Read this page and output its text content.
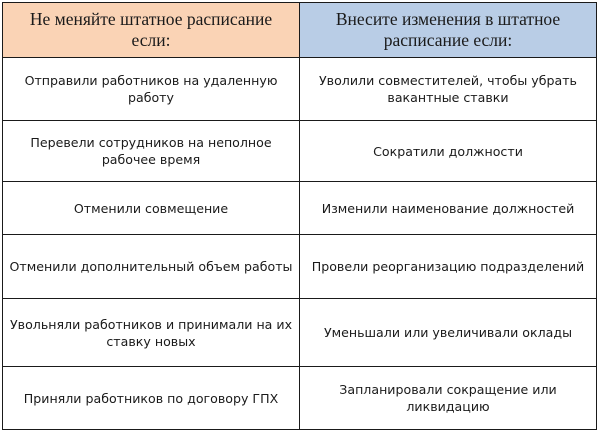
Не меняйте штатное расписание если:	Внесите изменения в штатное расписание если:
Отправили работников на удаленную работу	Уволили совместителей, чтобы убрать вакантные ставки
Перевели сотрудников на неполное рабочее время	Сократили должности
Отменили совмещение	Изменили наименование должностей
Отменили дополнительный объем работы	Провели реорганизацию подразделений
Увольняли работников и принимали на их ставку новых	Уменьшали или увеличивали оклады
Приняли работников по договору ГПХ	Запланировали сокращение или ликвидацию
